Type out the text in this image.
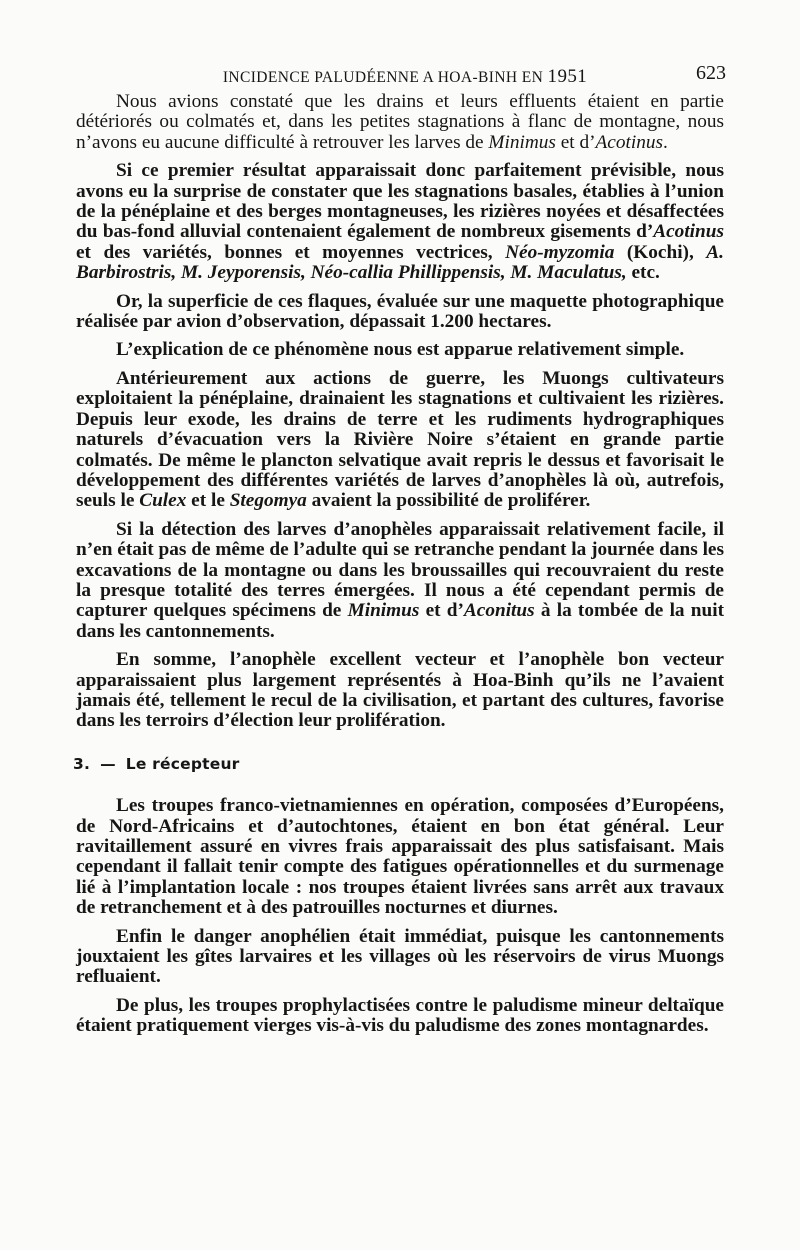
INCIDENCE PALUDÉENNE A HOA-BINH EN 1951	623

Nous avions constaté que les drains et leurs effluents étaient en partie détériorés ou colmatés et, dans les petites stagnations à flanc de montagne, nous n’avons eu aucune difficulté à retrouver les larves de Minimus et d’Acotinus.

Si ce premier résultat apparaissait donc parfaitement prévisible, nous avons eu la surprise de constater que les stagnations basales, établies à l’union de la pénéplaine et des berges montagneuses, les rizières noyées et désaffectées du bas-fond alluvial contenaient également de nombreux gisements d’Acotinus et des variétés, bonnes et moyennes vectrices, Néo-myzomia (Kochi), A. Barbirostris, M. Jeyporensis, Néo-callia Phillippensis, M. Maculatus, etc.

Or, la superficie de ces flaques, évaluée sur une maquette photographique réalisée par avion d’observation, dépassait 1.200 hectares.

L’explication de ce phénomène nous est apparue relativement simple.

Antérieurement aux actions de guerre, les Muongs cultivateurs exploitaient la pénéplaine, drainaient les stagnations et cultivaient les rizières. Depuis leur exode, les drains de terre et les rudiments hydrographiques naturels d’évacuation vers la Rivière Noire s’étaient en grande partie colmatés. De même le plancton selvatique avait repris le dessus et favorisait le développement des différentes variétés de larves d’anophèles là où, autrefois, seuls le Culex et le Stegomya avaient la possibilité de proliférer.

Si la détection des larves d’anophèles apparaissait relativement facile, il n’en était pas de même de l’adulte qui se retranche pendant la journée dans les excavations de la montagne ou dans les broussailles qui recouvraient du reste la presque totalité des terres émergées. Il nous a été cependant permis de capturer quelques spécimens de Minimus et d’Aconitus à la tombée de la nuit dans les cantonnements.

En somme, l’anophèle excellent vecteur et l’anophèle bon vecteur apparaissaient plus largement représentés à Hoa-Binh qu’ils ne l’avaient jamais été, tellement le recul de la civilisation, et partant des cultures, favorise dans les terroirs d’élection leur prolifération.

3. — Le récepteur

Les troupes franco-vietnamiennes en opération, composées d’Européens, de Nord-Africains et d’autochtones, étaient en bon état général. Leur ravitaillement assuré en vivres frais apparaissait des plus satisfaisant. Mais cependant il fallait tenir compte des fatigues opérationnelles et du surmenage lié à l’implantation locale : nos troupes étaient livrées sans arrêt aux travaux de retranchement et à des patrouilles nocturnes et diurnes.

Enfin le danger anophélien était immédiat, puisque les cantonnements jouxtaient les gîtes larvaires et les villages où les réservoirs de virus Muongs refluaient.

De plus, les troupes prophylactisées contre le paludisme mineur deltaïque étaient pratiquement vierges vis-à-vis du paludisme des zones montagnardes.
